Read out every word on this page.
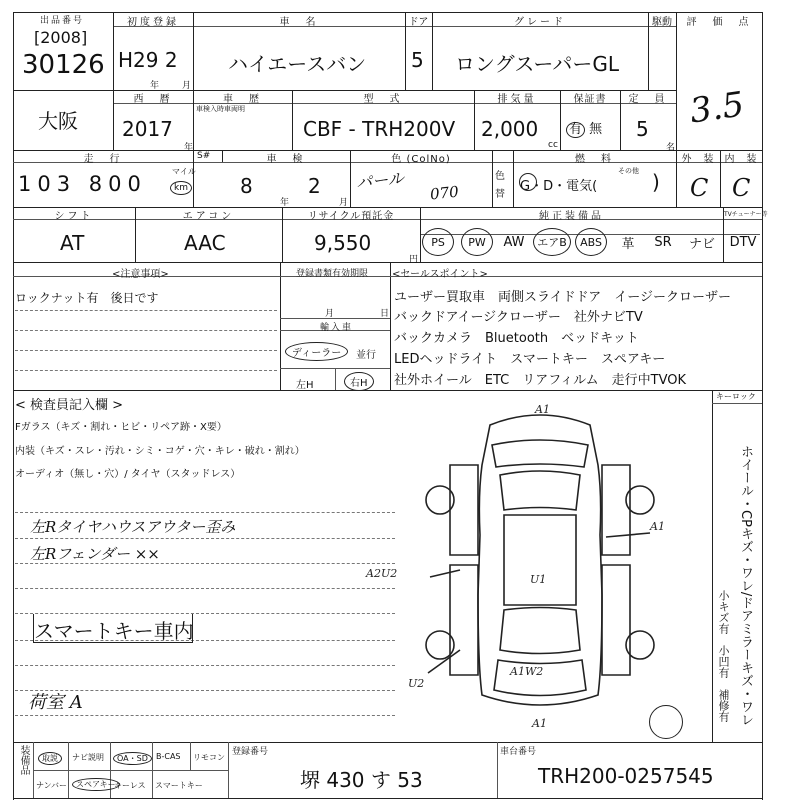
出品番号
[2008]
30126
初度登録
H29 2
年	月
車　名
ハイエースバン
ドア
5
グレード
ロングスーパーGL
駆動	評　価　点
3.5
大阪
西　暦
2017
年
車　歴
車検入時車両明
型　式
CBF - TRH200V
排気量
2,000
cc
保証書
有 無
定　員
5
名
走　行
103 800
マイル
km
S#	車　検
8
年
2
月
色 (ColNo)
パール
070
色替
燃　料
G・D・電気(
その他 )
外　装	内　装
C C
シフト
AT
エアコン
AAC
リサイクル預託金
9,550
円
純正装備品	TVチューナー等
PS	PW	AW	エアB	ABS	革 SR ナビ DTV
<注意事項>
ロックナット有　後日です
登録書類有効期限
月	日
輸入車
ディーラー	並行
左H	右H
<セールスポイント>
ユーザー買取車　両側スライドドア　イージークローザー
バックドアイージクローザー　社外ナビTV
バックカメラ　Bluetooth　ベッドキット
LEDヘッドライト　スマートキー　スペアキー
社外ホイール　ETC　リアフィルム　走行中TVOK
< 検査員記入欄 >
Fガラス（キズ・割れ・ヒビ・リペア跡・X要）
内装（キズ・スレ・汚れ・シミ・コゲ・穴・キレ・破れ・割れ）
オーディオ（無し・穴）/ タイヤ（スタッドレス）
左Rタイヤハウスアウター歪み
左Rフェンダー ××
スマートキー車内
荷室 A
キーロック
ホイール・CPキズ・ワレ/ドアミラーキズ・ワレ
小キズ有　小凹有　補修有
A1
A1
A2U2	U1
U2
A1W2
A1
装備品	取説	ナビ説明	OA・SD	B-CAS リモコン
ナンバー	スペアキー
キーレス スマートキー
登録番号
堺 430 す 53
車台番号
TRH200-0257545
